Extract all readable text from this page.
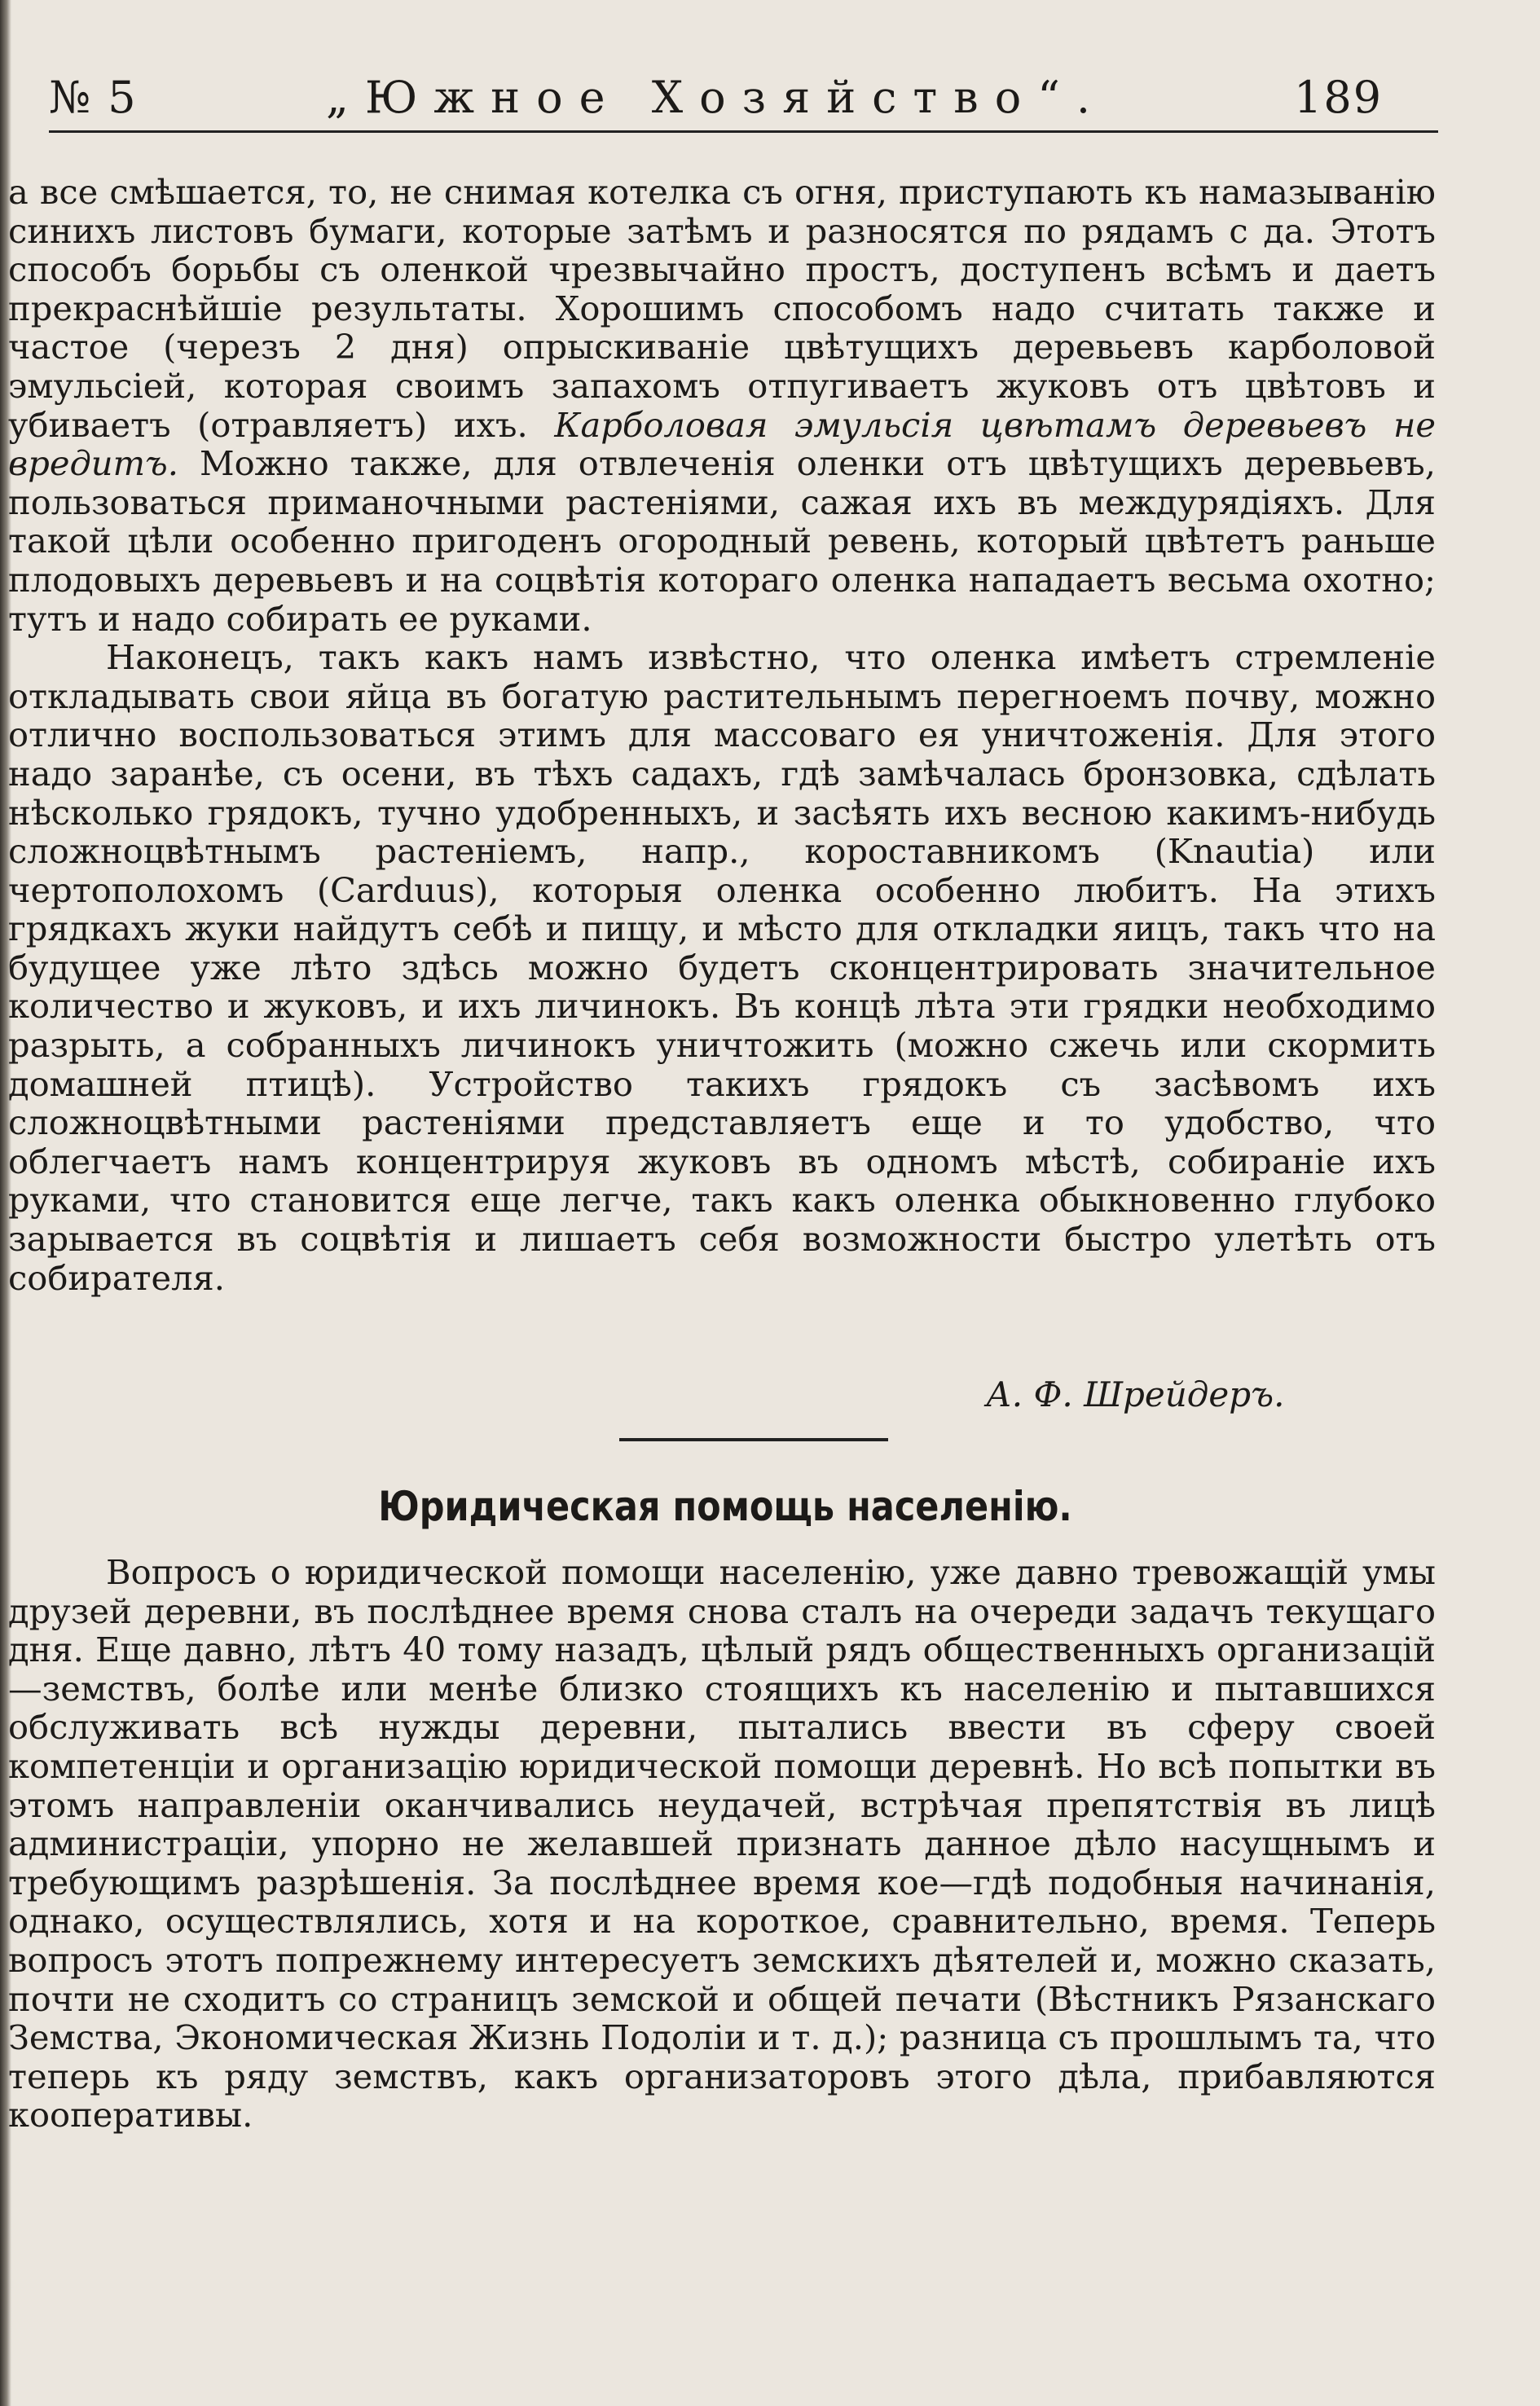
№ 5	„Южное Хозяйство“.	189

а все смѣшается, то, не снимая котелка съ огня, приступають къ намазыванію синихъ листовъ бумаги, которые затѣмъ и разносятся по рядамъ с да. Этотъ способъ борьбы съ оленкой чрезвычайно простъ, доступенъ всѣмъ и даетъ прекраснѣйшіе результаты. Хорошимъ способомъ надо считать также и частое (черезъ 2 дня) опрыскиваніе цвѣтущихъ деревьевъ карболовой эмульсіей, которая своимъ запахомъ отпугиваетъ жуковъ отъ цвѣтовъ и убиваетъ (отравляетъ) ихъ. Карболовая эмульсія цвѣтамъ деревьевъ не вредитъ. Можно также, для отвлеченія оленки отъ цвѣтущихъ деревьевъ, пользоваться приманочными растеніями, сажая ихъ въ междурядіяхъ. Для такой цѣли особенно пригоденъ огородный ревень, который цвѣтетъ раньше плодовыхъ деревьевъ и на соцвѣтія котораго оленка нападаетъ весьма охотно; тутъ и надо собирать ее руками.

Наконецъ, такъ какъ намъ извѣстно, что оленка имѣетъ стремленіе откладывать свои яйца въ богатую растительнымъ перегноемъ почву, можно отлично воспользоваться этимъ для массоваго ея уничтоженія. Для этого надо заранѣе, съ осени, въ тѣхъ садахъ, гдѣ замѣчалась бронзовка, сдѣлать нѣсколько грядокъ, тучно удобренныхъ, и засѣять ихъ весною какимъ-нибудь сложноцвѣтнымъ растеніемъ, напр., короставникомъ (Knautia) или чертополохомъ (Carduus), которыя оленка особенно любитъ. На этихъ грядкахъ жуки найдутъ себѣ и пищу, и мѣсто для откладки яицъ, такъ что на будущее уже лѣто здѣсь можно будетъ сконцентрировать значительное количество и жуковъ, и ихъ личинокъ. Въ концѣ лѣта эти грядки необходимо разрыть, а собранныхъ личинокъ уничтожить (можно сжечь или скормить домашней птицѣ). Устройство такихъ грядокъ съ засѣвомъ ихъ сложноцвѣтными растеніями представляетъ еще и то удобство, что облегчаетъ намъ концентрируя жуковъ въ одномъ мѣстѣ, собираніе ихъ руками, что становится еще легче, такъ какъ оленка обыкновенно глубоко зарывается въ соцвѣтія и лишаетъ себя возможности быстро улетѣть отъ собирателя.

А. Ф. Шрейдеръ.
Юридическая помощь населенію.

Вопросъ о юридической помощи населенію, уже давно тревожащій умы друзей деревни, въ послѣднее время снова сталъ на очереди задачъ текущаго дня. Еще давно, лѣтъ 40 тому назадъ, цѣлый рядъ общественныхъ организацій—земствъ, болѣе или менѣе близко стоящихъ къ населенію и пытавшихся обслуживать всѣ нужды деревни, пытались ввести въ сферу своей компетенціи и организацію юридической помощи деревнѣ. Но всѣ попытки въ этомъ направленіи оканчивались неудачей, встрѣчая препятствія въ лицѣ администраціи, упорно не желавшей признать данное дѣло насущнымъ и требующимъ разрѣшенія. За послѣднее время кое—гдѣ подобныя начинанія, однако, осуществлялись, хотя и на короткое, сравнительно, время. Теперь вопросъ этотъ попрежнему интересуетъ земскихъ дѣятелей и, можно сказать, почти не сходитъ со страницъ земской и общей печати (Вѣстникъ Рязанскаго Земства, Экономическая Жизнь Подоліи и т. д.); разница съ прошлымъ та, что теперь къ ряду земствъ, какъ организаторовъ этого дѣла, прибавляются кооперативы.
